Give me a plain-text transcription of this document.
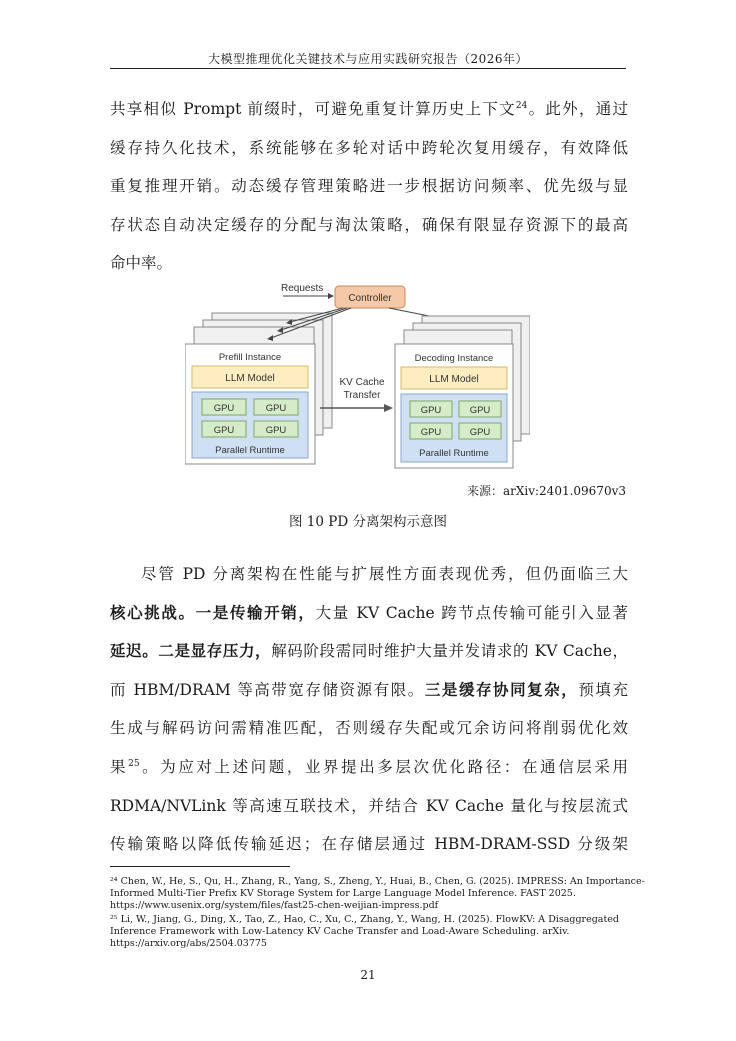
大模型推理优化关键技术与应用实践研究报告（2026年）
共享相似 Prompt 前缀时，可避免重复计算历史上下文$^{24}$。此外，通过
缓存持久化技术，系统能够在多轮对话中跨轮次复用缓存，有效降低
重复推理开销。动态缓存管理策略进一步根据访问频率、优先级与显
存状态自动决定缓存的分配与淘汰策略，确保有限显存资源下的最高
命中率。
Requests
Controller
Prefill Instance
LLM Model
GPU	GPU
GPU	GPU
Parallel Runtime
KV Cache
Transfer
Decoding Instance
LLM Model
GPU	GPU
GPU	GPU
Parallel Runtime
来源：arXiv:2401.09670v3
图 10 PD 分离架构示意图
尽管 PD 分离架构在性能与扩展性方面表现优秀，但仍面临三大
核心挑战。一是传输开销，大量 KV Cache 跨节点传输可能引入显著
延迟。二是显存压力，解码阶段需同时维护大量并发请求的 KV Cache，
而 HBM/DRAM 等高带宽存储资源有限。三是缓存协同复杂，预填充
生成与解码访问需精准匹配，否则缓存失配或冗余访问将削弱优化效
果$^{25}$。为应对上述问题，业界提出多层次优化路径：在通信层采用
RDMA/NVLink 等高速互联技术，并结合 KV Cache 量化与按层流式
传输策略以降低传输延迟；在存储层通过 HBM-DRAM-SSD 分级架
²⁴ Chen, W., He, S., Qu, H., Zhang, R., Yang, S., Zheng, Y., Huai, B., Chen, G. (2025). IMPRESS: An Importance-
Informed Multi-Tier Prefix KV Storage System for Large Language Model Inference. FAST 2025.
https://www.usenix.org/system/files/fast25-chen-weijian-impress.pdf
²⁵ Li, W., Jiang, G., Ding, X., Tao, Z., Hao, C., Xu, C., Zhang, Y., Wang, H. (2025). FlowKV: A Disaggregated
Inference Framework with Low-Latency KV Cache Transfer and Load-Aware Scheduling. arXiv.
https://arxiv.org/abs/2504.03775
21
